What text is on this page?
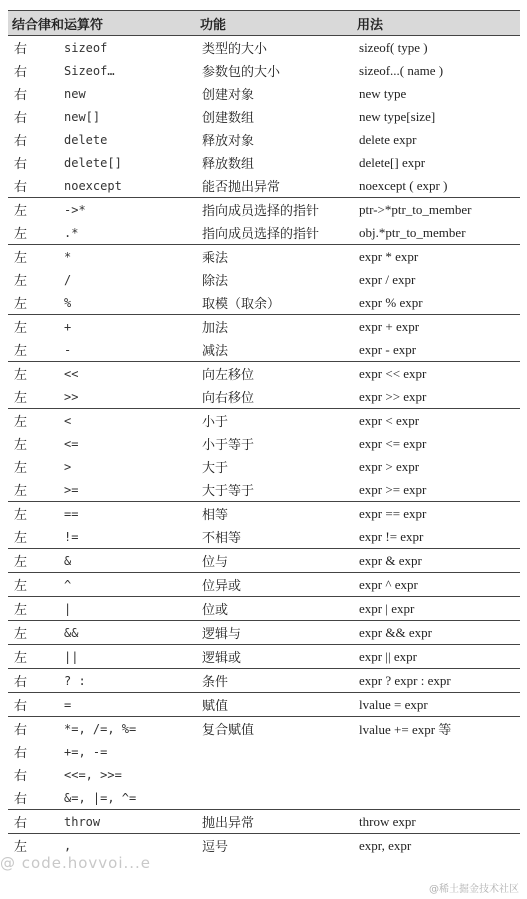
结合律和运算符		功能	用法
右	sizeof	类型的大小	sizeof( type )
右	Sizeof…	参数包的大小	sizeof...( name )
右	new	创建对象	new type
右	new[]	创建数组	new type[size]
右	delete	释放对象	delete expr
右	delete[]	释放数组	delete[] expr
右	noexcept	能否抛出异常	noexcept ( expr )
左	->*	指向成员选择的指针	ptr->*ptr_to_member
左	.*	指向成员选择的指针	obj.*ptr_to_member
左	*	乘法	expr * expr
左	/	除法	expr / expr
左	%	取模（取余）	expr % expr
左	+	加法	expr + expr
左	-	减法	expr - expr
左	<<	向左移位	expr << expr
左	>>	向右移位	expr >> expr
左	<	小于	expr < expr
左	<=	小于等于	expr <= expr
左	>	大于	expr > expr
左	>=	大于等于	expr >= expr
左	==	相等	expr == expr
左	!=	不相等	expr != expr
左	&	位与	expr & expr
左	^	位异或	expr ^ expr
左	|	位或	expr | expr
左	&&	逻辑与	expr && expr
左	||	逻辑或	expr || expr
右	? :	条件	expr ? expr : expr
右	=	赋值	lvalue = expr
右	*=, /=, %=	复合赋值	lvalue += expr 等
右	+=, -=		
右	<<=, >>=		
右	&=, |=, ^=		
右	throw	抛出异常	throw expr
左	,	逗号	expr, expr
@ code.hovvoi...e
@稀土掘金技术社区
